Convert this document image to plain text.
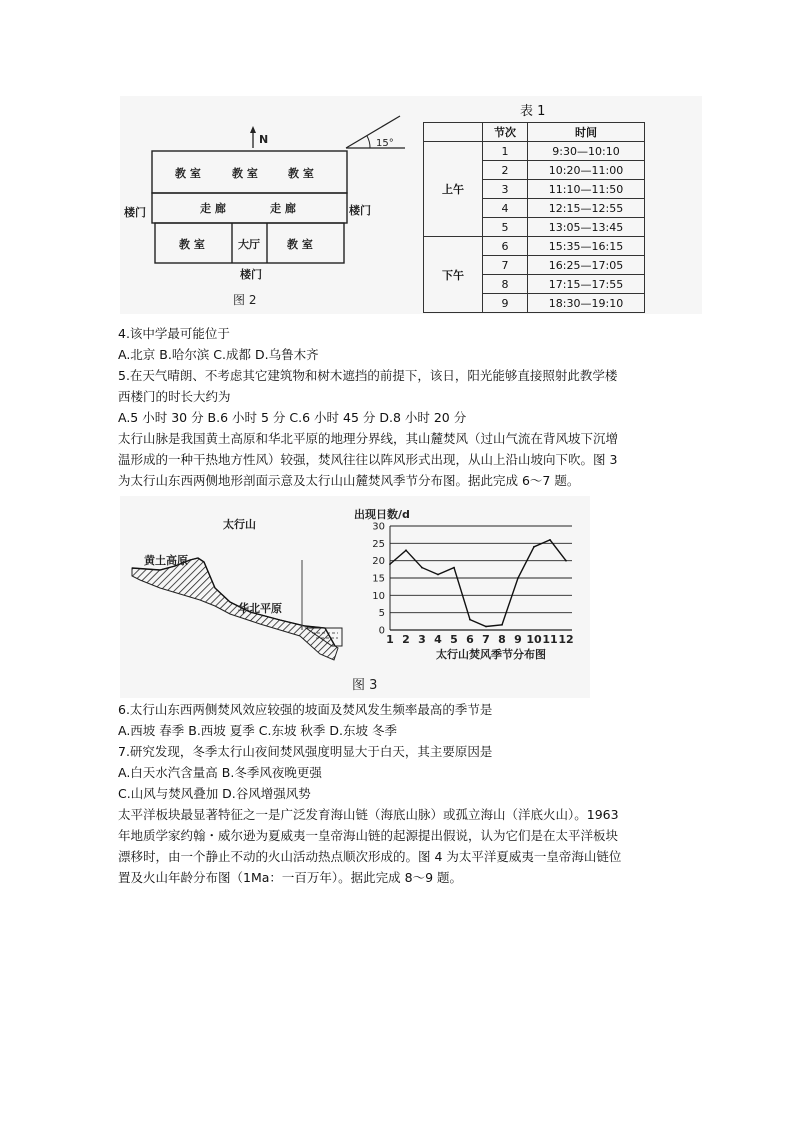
N	15°
教 室	教 室	教 室
走 廊	走 廊
教 室	大厅 教 室
楼门	楼门
楼门
图 2
表 1
	节次	时间
上午	1	9:30—10:10
	2	10:20—11:00
	3	11:10—11:50
	4	12:15—12:55
	5	13:05—13:45
下午	6	15:35—16:15
	7	16:25—17:05
	8	17:15—17:55
	9	18:30—19:10
4.该中学最可能位于
A.北京 B.哈尔滨 C.成都 D.乌鲁木齐
5.在天气晴朗、不考虑其它建筑物和树木遮挡的前提下，该日，阳光能够直接照射此教学楼
西楼门的时长大约为
A.5 小时 30 分 B.6 小时 5 分 C.6 小时 45 分 D.8 小时 20 分
太行山脉是我国黄土高原和华北平原的地理分界线，其山麓焚风（过山气流在背风坡下沉增
温形成的一种干热地方性风）较强，焚风往往以阵风形式出现，从山上沿山坡向下吹。图 3
为太行山东西两侧地形剖面示意及太行山山麓焚风季节分布图。据此完成 6～7 题。
太行山
黄土高原
华北平原
出现日数/d
0
5
10
15
20
25
30
1 2 3 4 5 6 7 8 9 10 11 12
太行山焚风季节分布图
图 3
6.太行山东西两侧焚风效应较强的坡面及焚风发生频率最高的季节是
A.西坡 春季 B.西坡 夏季 C.东坡 秋季 D.东坡 冬季
7.研究发现，冬季太行山夜间焚风强度明显大于白天，其主要原因是
A.白天水汽含量高 B.冬季风夜晚更强
C.山风与焚风叠加 D.谷风增强风势
太平洋板块最显著特征之一是广泛发育海山链（海底山脉）或孤立海山（洋底火山）。1963
年地质学家约翰・威尔逊为夏威夷一皇帝海山链的起源提出假说，认为它们是在太平洋板块
漂移时，由一个静止不动的火山活动热点顺次形成的。图 4 为太平洋夏威夷一皇帝海山链位
置及火山年龄分布图（1Ma：一百万年）。据此完成 8～9 题。
